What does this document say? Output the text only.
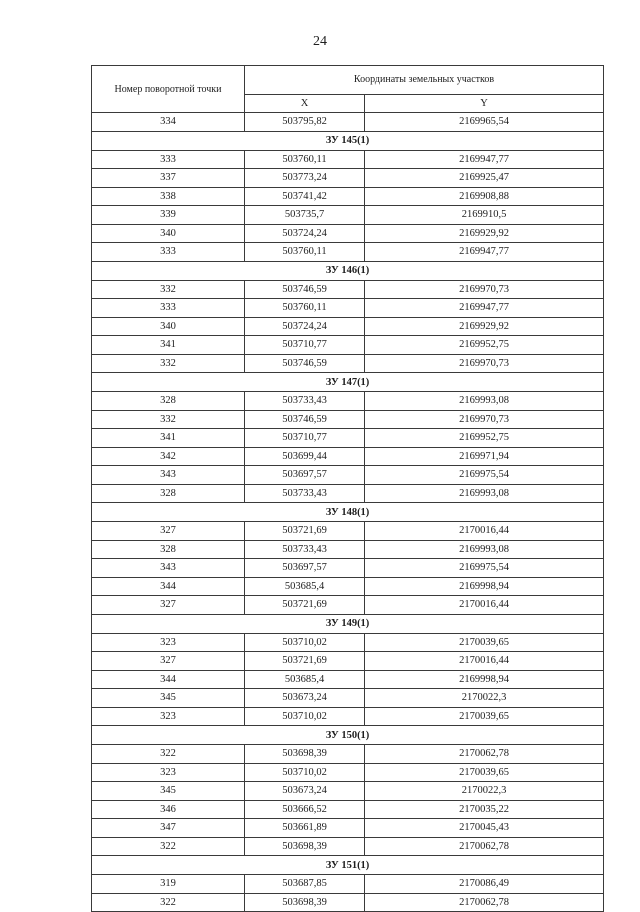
24
Номер поворотной точки	Координаты земельных участков	
	X	Y
334	503795,82	2169965,54
ЗУ 145(1)		
333	503760,11	2169947,77
337	503773,24	2169925,47
338	503741,42	2169908,88
339	503735,7	2169910,5
340	503724,24	2169929,92
333	503760,11	2169947,77
ЗУ 146(1)		
332	503746,59	2169970,73
333	503760,11	2169947,77
340	503724,24	2169929,92
341	503710,77	2169952,75
332	503746,59	2169970,73
ЗУ 147(1)		
328	503733,43	2169993,08
332	503746,59	2169970,73
341	503710,77	2169952,75
342	503699,44	2169971,94
343	503697,57	2169975,54
328	503733,43	2169993,08
ЗУ 148(1)		
327	503721,69	2170016,44
328	503733,43	2169993,08
343	503697,57	2169975,54
344	503685,4	2169998,94
327	503721,69	2170016,44
ЗУ 149(1)		
323	503710,02	2170039,65
327	503721,69	2170016,44
344	503685,4	2169998,94
345	503673,24	2170022,3
323	503710,02	2170039,65
ЗУ 150(1)		
322	503698,39	2170062,78
323	503710,02	2170039,65
345	503673,24	2170022,3
346	503666,52	2170035,22
347	503661,89	2170045,43
322	503698,39	2170062,78
ЗУ 151(1)		
319	503687,85	2170086,49
322	503698,39	2170062,78
